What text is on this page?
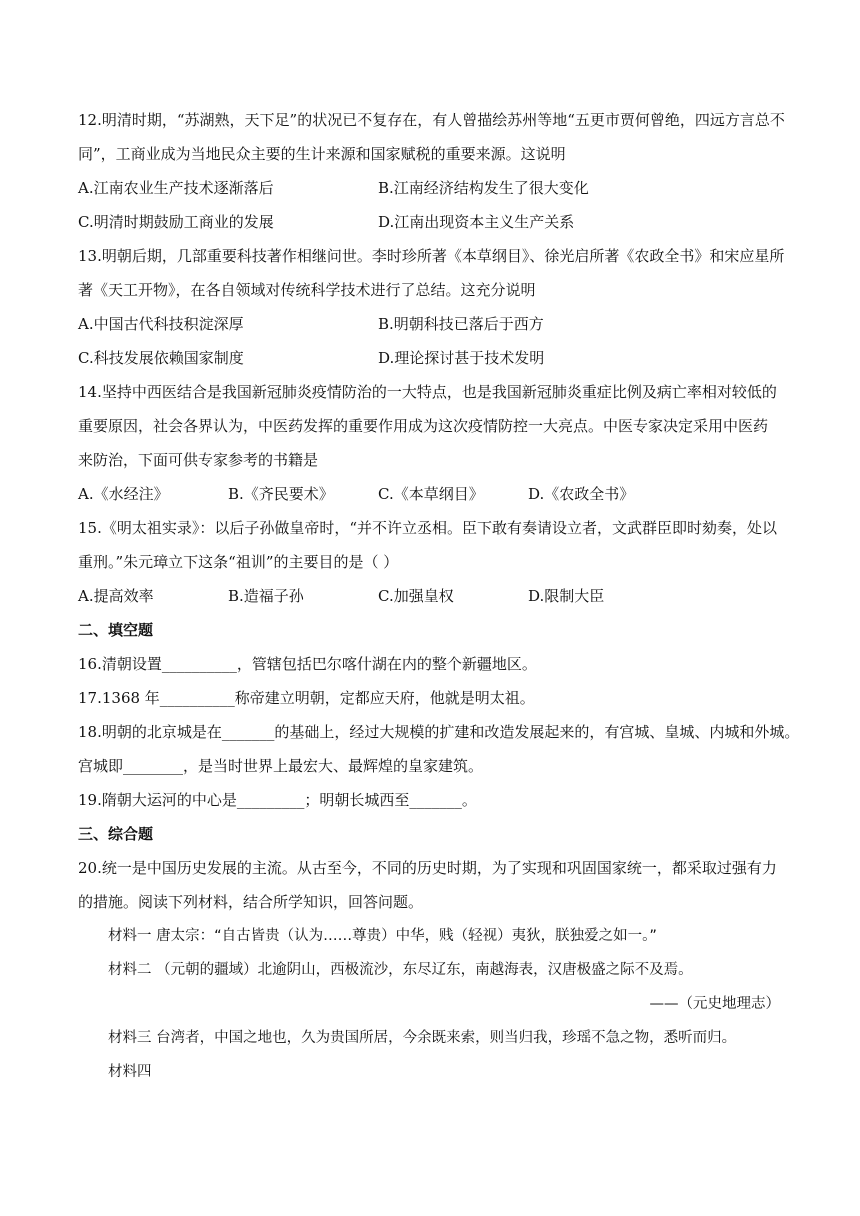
12.明清时期，“苏湖熟，天下足”的状况已不复存在，有人曾描绘苏州等地“五更市贾何曾绝，四远方言总不
同”，工商业成为当地民众主要的生计来源和国家赋税的重要来源。这说明
A.江南农业生产技术逐渐落后	B.江南经济结构发生了很大变化
C.明清时期鼓励工商业的发展	D.江南出现资本主义生产关系
13.明朝后期，几部重要科技著作相继问世。李时珍所著《本草纲目》、徐光启所著《农政全书》和宋应星所
著《天工开物》，在各自领域对传统科学技术进行了总结。这充分说明
A.中国古代科技积淀深厚	B.明朝科技已落后于西方
C.科技发展依赖国家制度	D.理论探讨甚于技术发明
14.坚持中西医结合是我国新冠肺炎疫情防治的一大特点，也是我国新冠肺炎重症比例及病亡率相对较低的
重要原因，社会各界认为，中医药发挥的重要作用成为这次疫情防控一大亮点。中医专家决定采用中医药
来防治，下面可供专家参考的书籍是
A.《水经注》	B.《齐民要术》	C.《本草纲目》	D.《农政全书》
15.《明太祖实录》：以后子孙做皇帝时，“并不许立丞相。臣下敢有奏请设立者，文武群臣即时劾奏，处以
重刑。”朱元璋立下这条“祖训”的主要目的是（ ）
A.提高效率	B.造福子孙	C.加强皇权	D.限制大臣
二、填空题
16.清朝设置__________，管辖包括巴尔喀什湖在内的整个新疆地区。
17.1368 年__________称帝建立明朝，定都应天府，他就是明太祖。
18.明朝的北京城是在_______的基础上，经过大规模的扩建和改造发展起来的，有宫城、皇城、内城和外城。
宫城即________，是当时世界上最宏大、最辉煌的皇家建筑。
19.隋朝大运河的中心是_________；明朝长城西至_______。
三、综合题
20.统一是中国历史发展的主流。从古至今，不同的历史时期，为了实现和巩固国家统一，都采取过强有力
的措施。阅读下列材料，结合所学知识，回答问题。
材料一 唐太宗：“自古皆贵（认为……尊贵）中华，贱（轻视）夷狄，朕独爱之如一。”
材料二 （元朝的疆域）北逾阴山，西极流沙，东尽辽东，南越海表，汉唐极盛之际不及焉。
——（元史地理志）
材料三 台湾者，中国之地也，久为贵国所居，今余既来索，则当归我，珍瑶不急之物，悉听而归。
材料四
